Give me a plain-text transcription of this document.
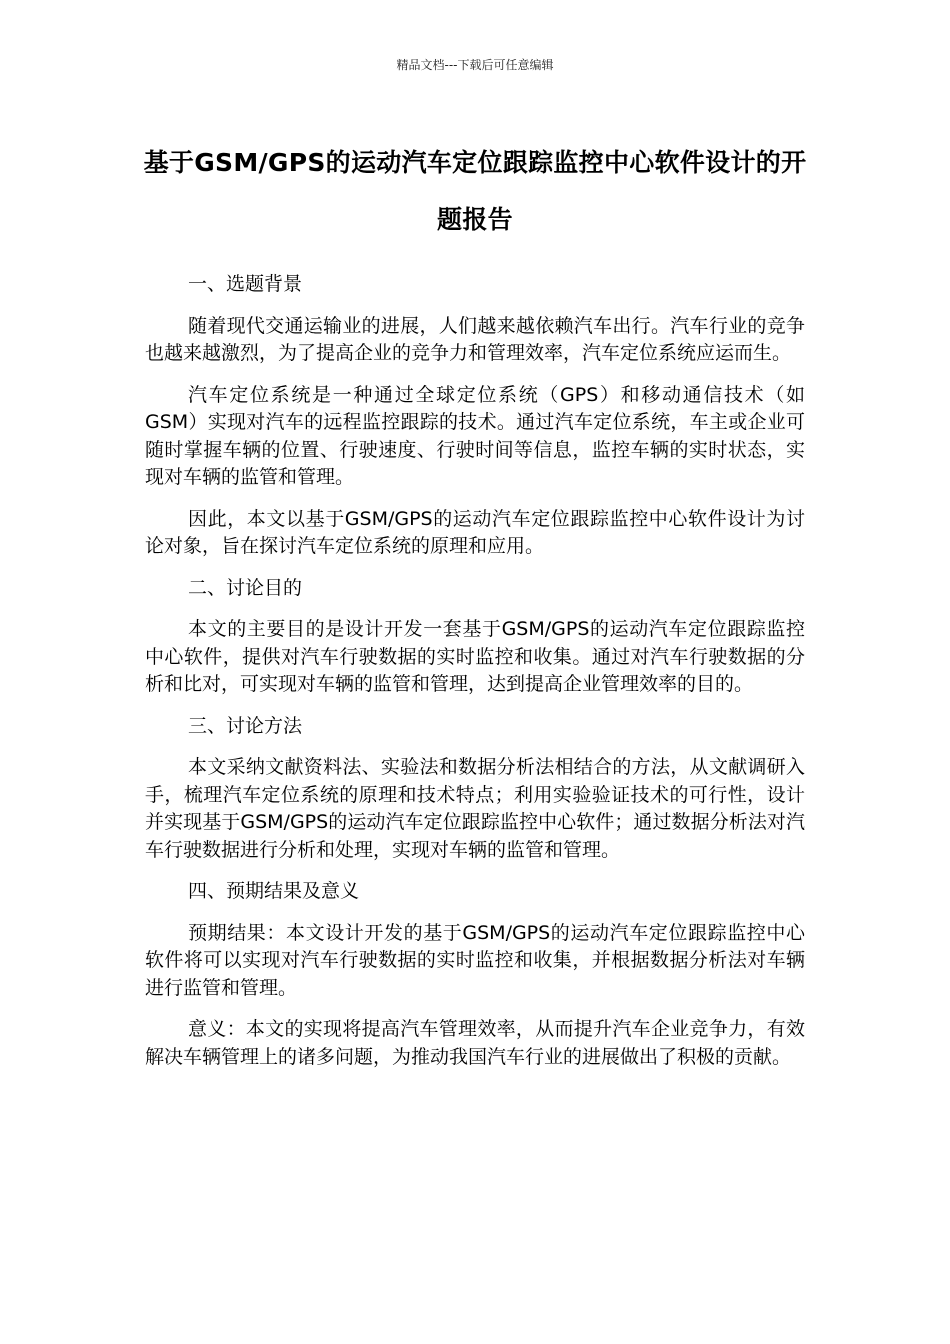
精品文档---下载后可任意编辑
基于GSM/GPS的运动汽车定位跟踪监控中心软件设计的开题报告

一、选题背景

随着现代交通运输业的进展，人们越来越依赖汽车出行。汽车行业的竞争也越来越激烈，为了提高企业的竞争力和管理效率，汽车定位系统应运而生。

汽车定位系统是一种通过全球定位系统（GPS）和移动通信技术（如GSM）实现对汽车的远程监控跟踪的技术。通过汽车定位系统，车主或企业可随时掌握车辆的位置、行驶速度、行驶时间等信息，监控车辆的实时状态，实现对车辆的监管和管理。

因此，本文以基于GSM/GPS的运动汽车定位跟踪监控中心软件设计为讨论对象，旨在探讨汽车定位系统的原理和应用。

二、讨论目的

本文的主要目的是设计开发一套基于GSM/GPS的运动汽车定位跟踪监控中心软件，提供对汽车行驶数据的实时监控和收集。通过对汽车行驶数据的分析和比对，可实现对车辆的监管和管理，达到提高企业管理效率的目的。

三、讨论方法

本文采纳文献资料法、实验法和数据分析法相结合的方法，从文献调研入手，梳理汽车定位系统的原理和技术特点；利用实验验证技术的可行性，设计并实现基于GSM/GPS的运动汽车定位跟踪监控中心软件；通过数据分析法对汽车行驶数据进行分析和处理，实现对车辆的监管和管理。

四、预期结果及意义

预期结果：本文设计开发的基于GSM/GPS的运动汽车定位跟踪监控中心软件将可以实现对汽车行驶数据的实时监控和收集，并根据数据分析法对车辆进行监管和管理。

意义：本文的实现将提高汽车管理效率，从而提升汽车企业竞争力，有效解决车辆管理上的诸多问题，为推动我国汽车行业的进展做出了积极的贡献。
